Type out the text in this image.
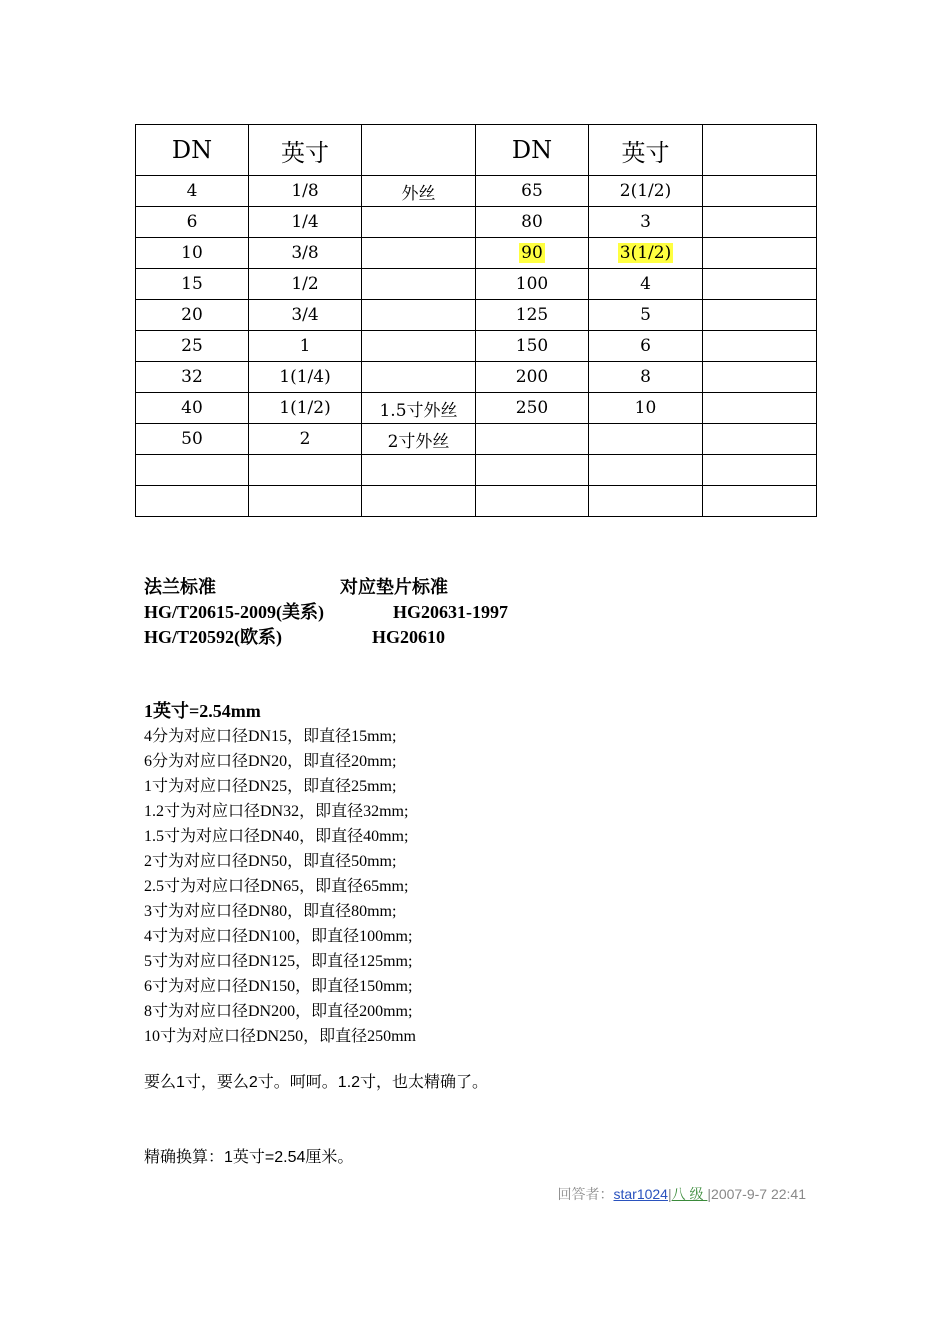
DN	英寸		DN	英寸	
4	1/8	外丝	65	2(1/2)	
6	1/4		80	3	
10	3/8		90	3(1/2)	
15	1/2		100	4	
20	3/4		125	5	
25	1		150	6	
32	1(1/4)		200	8	
40	1(1/2)	1.5寸外丝	250	10	
50	2	2寸外丝			

法兰标准	对应垫片标准
HG/T20615-2009(美系)	HG20631-1997
HG/T20592(欧系)	HG20610
1英寸=2.54mm
4分为对应口径DN15，即直径15mm;
6分为对应口径DN20，即直径20mm;
1寸为对应口径DN25，即直径25mm;
1.2寸为对应口径DN32，即直径32mm;
1.5寸为对应口径DN40，即直径40mm;
2寸为对应口径DN50，即直径50mm;
2.5寸为对应口径DN65，即直径65mm;
3寸为对应口径DN80，即直径80mm;
4寸为对应口径DN100，即直径100mm;
5寸为对应口径DN125，即直径125mm;
6寸为对应口径DN150，即直径150mm;
8寸为对应口径DN200，即直径200mm;
10寸为对应口径DN250，即直径250mm
要么1寸，要么2寸。呵呵。1.2寸，也太精确了。
精确换算：1英寸=2.54厘米。
回答者：star1024|八 级 |2007-9-7 22:41
